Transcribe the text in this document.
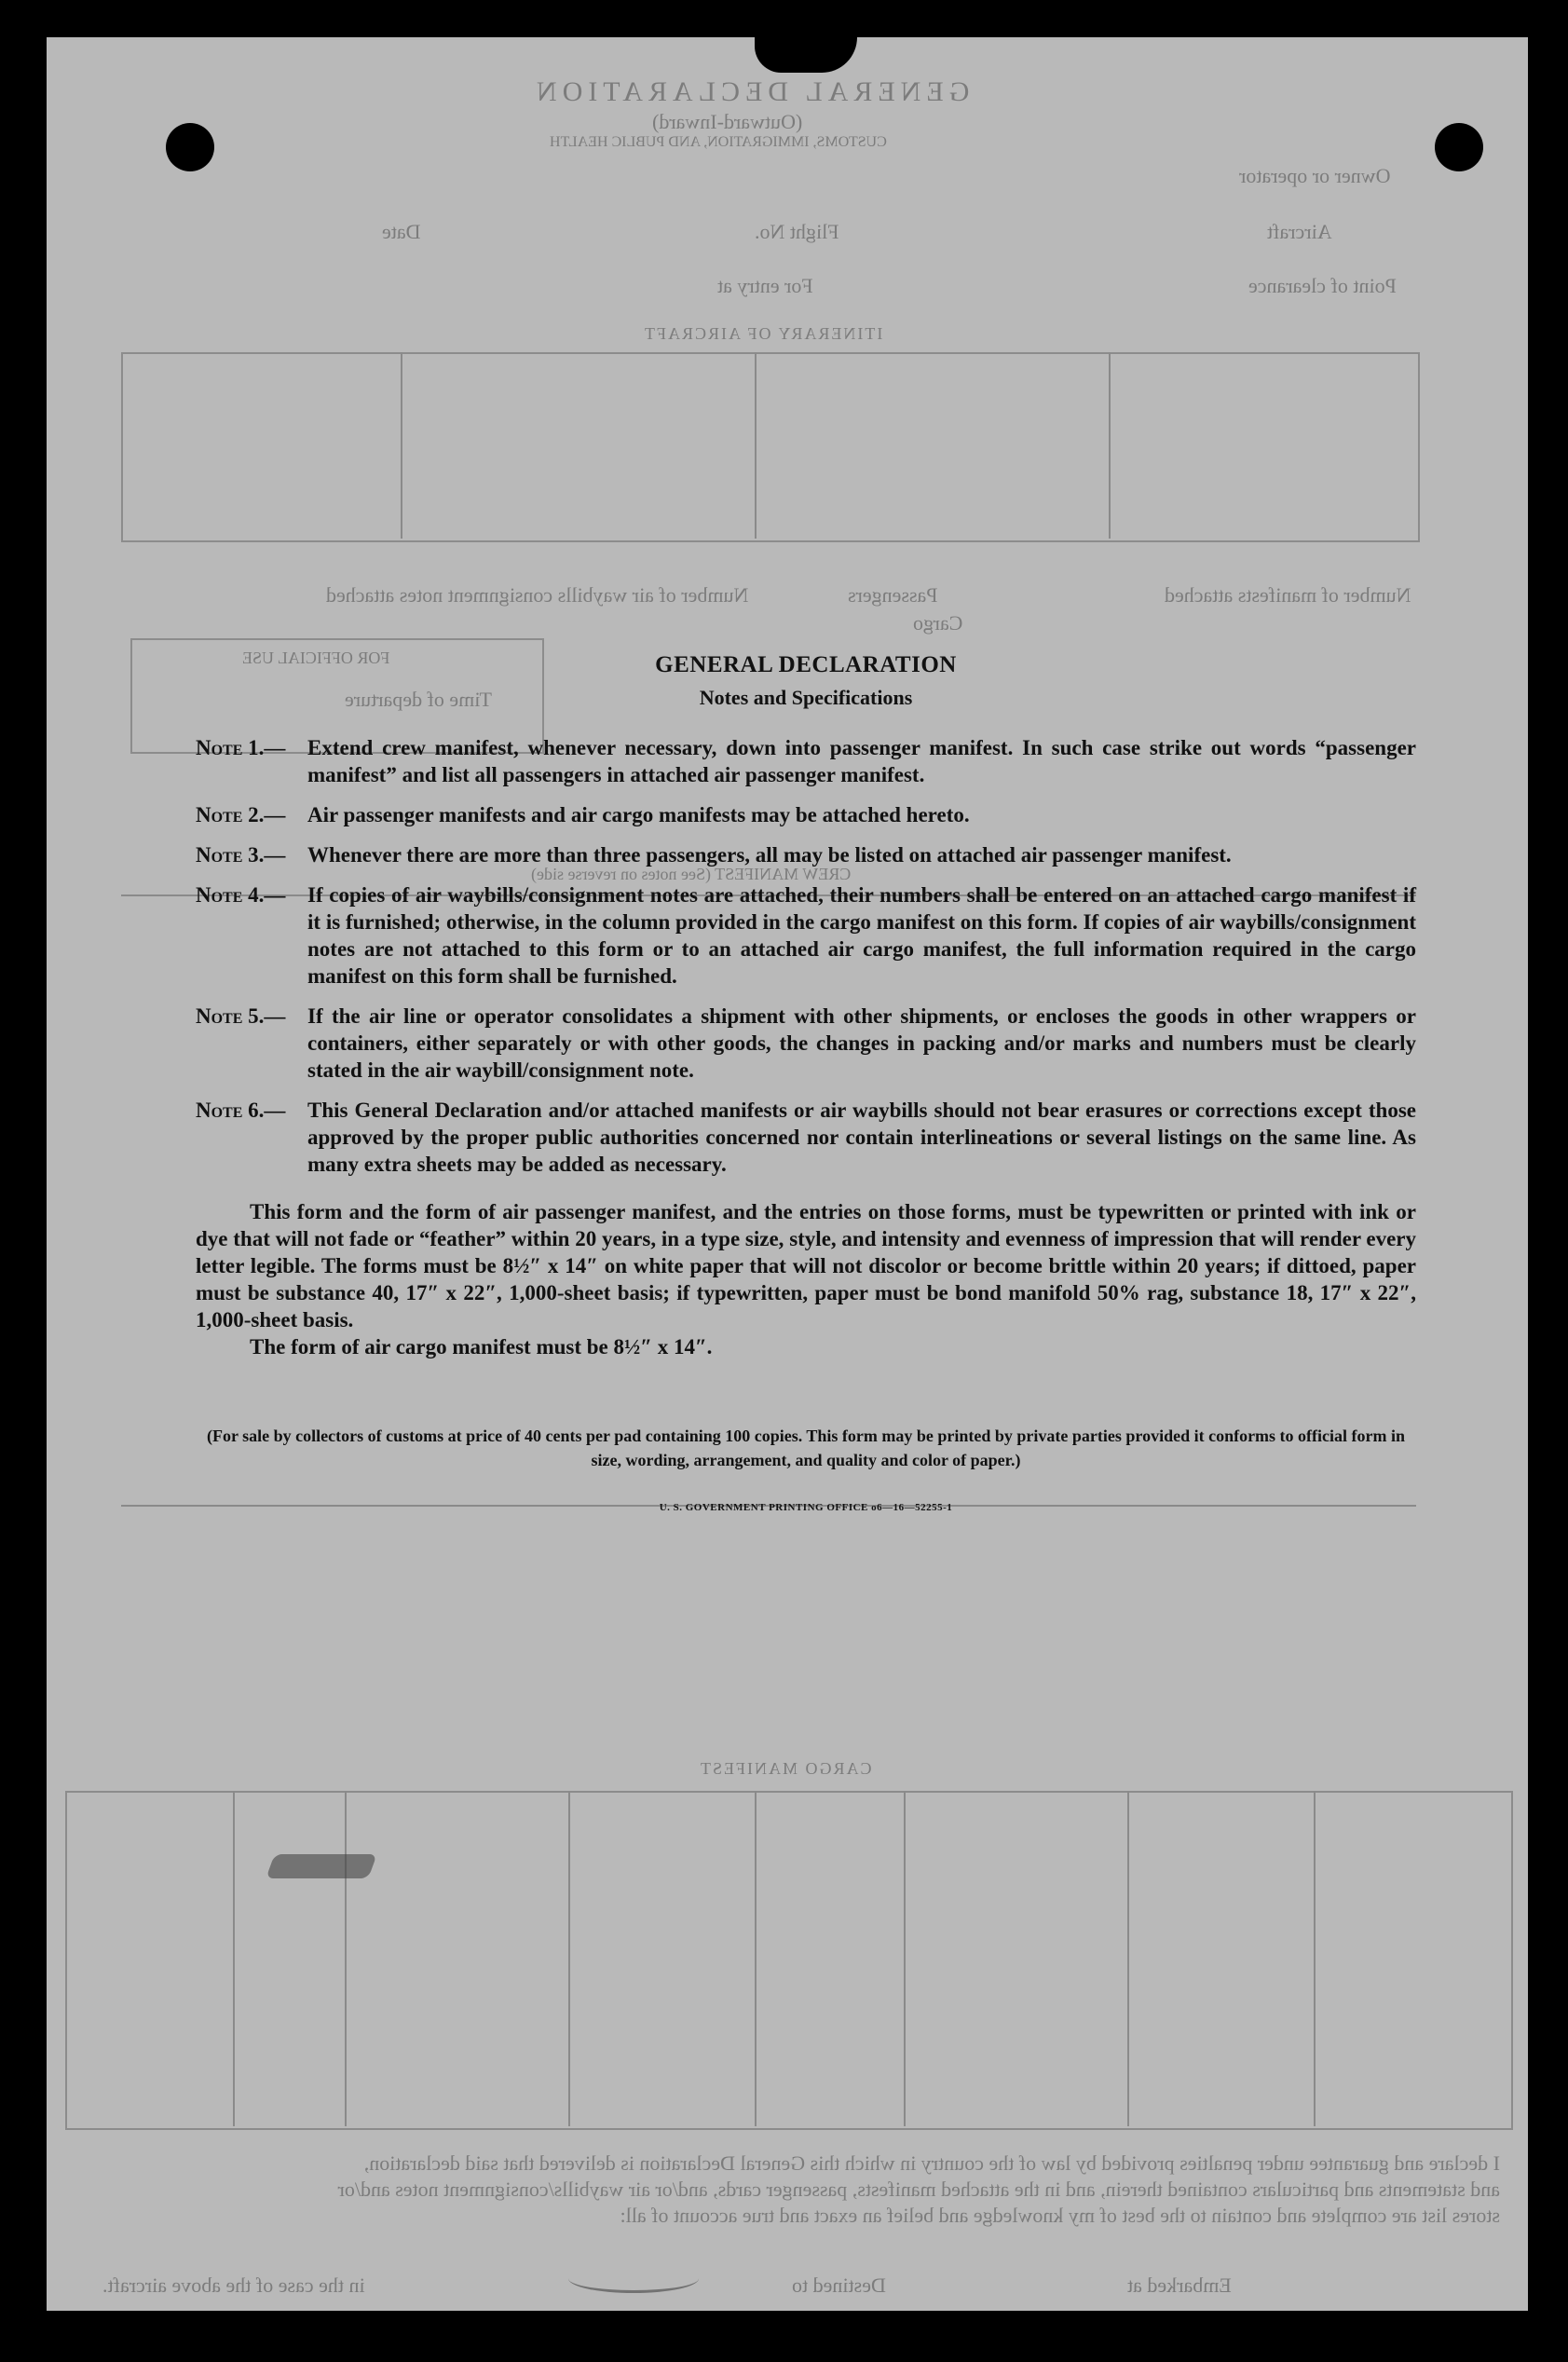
GENERAL DECLARATION
(Outward-Inward)
CUSTOMS, IMMIGRATION, AND PUBLIC HEALTH
Owner or operator
Aircraft
Flight No.
Date
Point of clearance
For entry at
ITINERARY OF AIRCRAFT
Number of manifests attached
Number of air waybills consignment notes attached	Passengers
Cargo
FOR OFFICIAL USE
Time of departure
CREW MANIFEST (See notes on reverse side)
CARGO MANIFEST
I declare and guarantee under penalties provided by law of the country in which this General Declaration is delivered that said declaration, and statements and particulars contained therein, and in the attached manifests, passenger cards, and/or air waybills/consignment notes and/or stores list are complete and contain to the best of my knowledge and belief an exact and true account of all:
Embarked at
Destined to
in the case of the above aircraft.
GENERAL DECLARATION
Notes and Specifications
Note 1.—	Extend crew manifest, whenever necessary, down into passenger manifest. In such case strike out words “passenger manifest” and list all passengers in attached air passenger manifest.
Note 2.—	Air passenger manifests and air cargo manifests may be attached hereto.
Note 3.—	Whenever there are more than three passengers, all may be listed on attached air passenger manifest.
Note 4.—	If copies of air waybills/consignment notes are attached, their numbers shall be entered on an attached cargo manifest if it is furnished; otherwise, in the column provided in the cargo manifest on this form. If copies of air waybills/consignment notes are not attached to this form or to an attached air cargo manifest, the full information required in the cargo manifest on this form shall be furnished.
Note 5.—	If the air line or operator consolidates a shipment with other shipments, or encloses the goods in other wrappers or containers, either separately or with other goods, the changes in packing and/or marks and numbers must be clearly stated in the air waybill/consignment note.
Note 6.—	This General Declaration and/or attached manifests or air waybills should not bear erasures or corrections except those approved by the proper public authorities concerned nor contain interlineations or several listings on the same line. As many extra sheets may be added as necessary.
This form and the form of air passenger manifest, and the entries on those forms, must be typewritten or printed with ink or dye that will not fade or “feather” within 20 years, in a type size, style, and intensity and evenness of impression that will render every letter legible. The forms must be 8½″ x 14″ on white paper that will not discolor or become brittle within 20 years; if dittoed, paper must be substance 40, 17″ x 22″, 1,000-sheet basis; if typewritten, paper must be bond manifold 50% rag, substance 18, 17″ x 22″, 1,000-sheet basis.
The form of air cargo manifest must be 8½″ x 14″.
(For sale by collectors of customs at price of 40 cents per pad containing 100 copies. This form may be printed by private parties provided it conforms to official form in size, wording, arrangement, and quality and color of paper.)
U. S. GOVERNMENT PRINTING OFFICE o6—16—52255-1
